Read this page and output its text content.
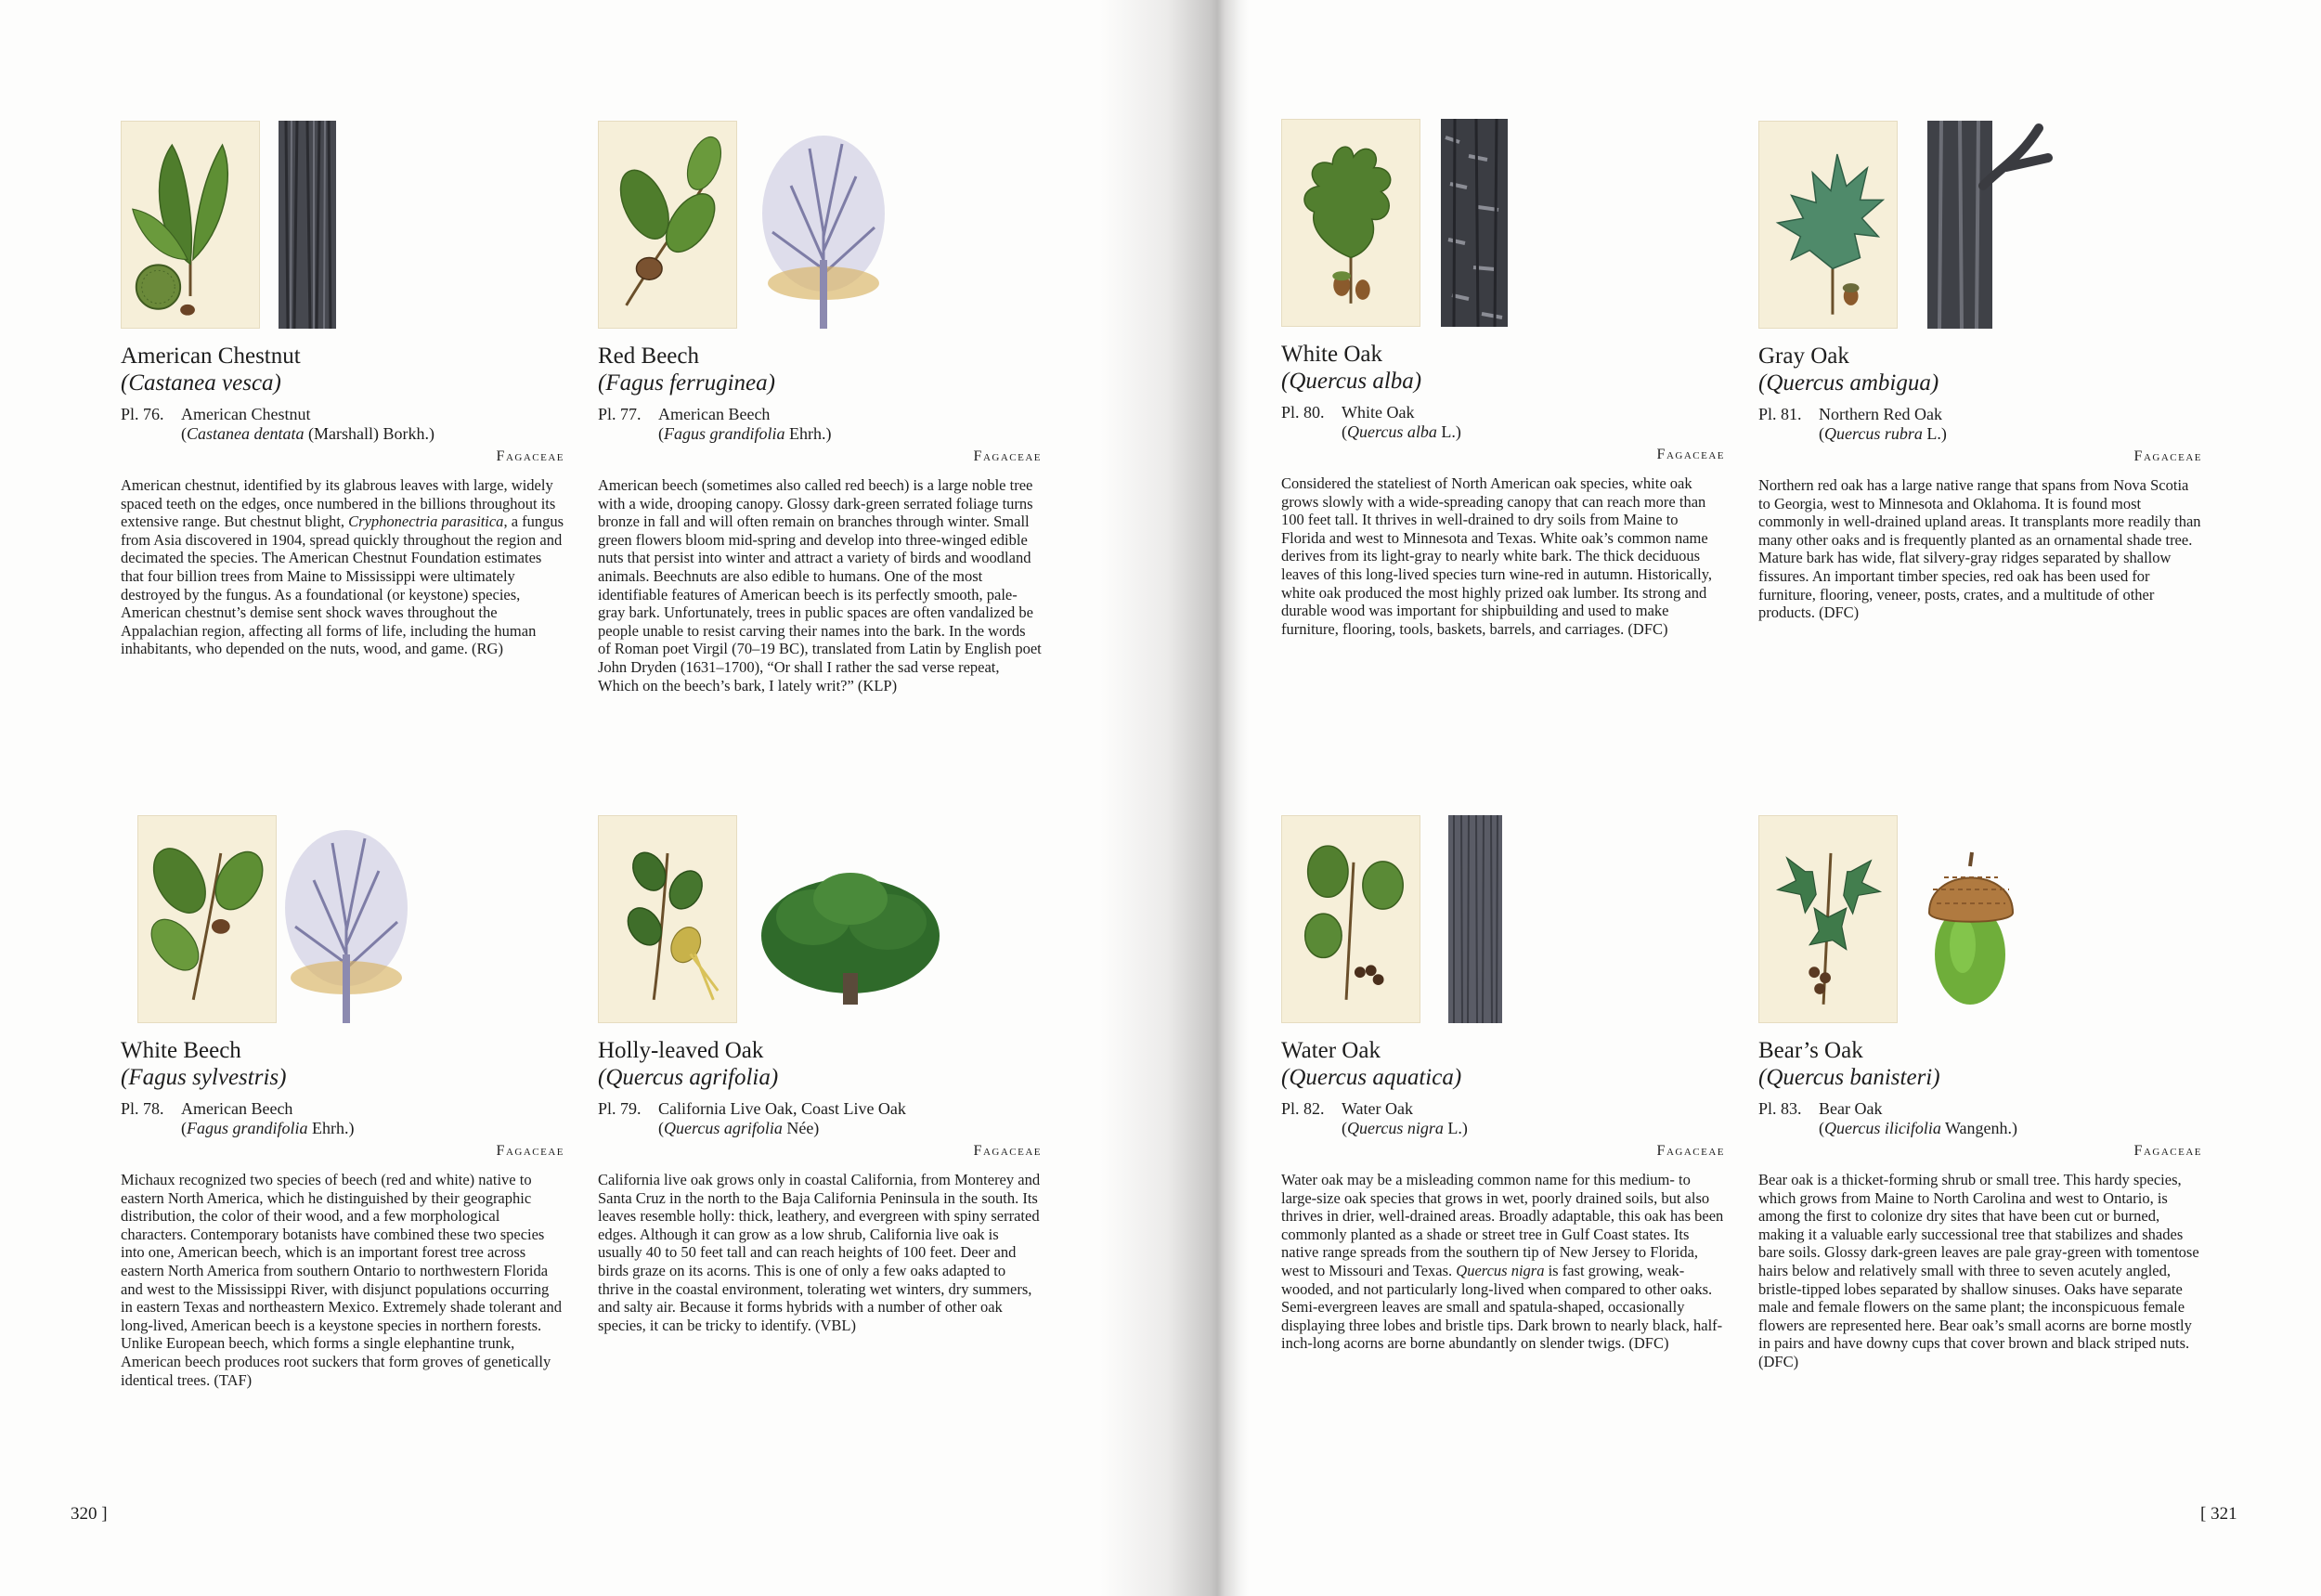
American Chestnut
(Castanea vesca)
Pl. 76. American Chestnut
(Castanea dentata (Marshall) Borkh.)
Fagaceae
American chestnut, identified by its glabrous leaves with large, widely spaced teeth on the edges, once numbered in the billions throughout its extensive range. But chestnut blight, Cryphonectria parasitica, a fungus from Asia discovered in 1904, spread quickly throughout the region and decimated the species. The American Chestnut Foundation estimates that four billion trees from Maine to Mississippi were ultimately destroyed by the fungus. As a foundational (or keystone) species, American chestnut’s demise sent shock waves throughout the Appalachian region, affecting all forms of life, including the human inhabitants, who depended on the nuts, wood, and game. (RG)
Red Beech
(Fagus ferruginea)
Pl. 77. American Beech
(Fagus grandifolia Ehrh.)
Fagaceae
American beech (sometimes also called red beech) is a large noble tree with a wide, drooping canopy. Glossy dark-green serrated foliage turns bronze in fall and will often remain on branches through winter. Small green flowers bloom mid-spring and develop into three-winged edible nuts that persist into winter and attract a variety of birds and woodland animals. Beechnuts are also edible to humans. One of the most identifiable features of American beech is its perfectly smooth, pale-gray bark. Unfortunately, trees in public spaces are often vandalized be people unable to resist carving their names into the bark. In the words of Roman poet Virgil (70–19 BC), translated from Latin by English poet John Dryden (1631–1700), “Or shall I rather the sad verse repeat, Which on the beech’s bark, I lately writ?” (KLP)
White Oak
(Quercus alba)
Pl. 80. White Oak
(Quercus alba L.)
Fagaceae
Considered the stateliest of North American oak species, white oak grows slowly with a wide-spreading canopy that can reach more than 100 feet tall. It thrives in well-drained to dry soils from Maine to Florida and west to Minnesota and Texas. White oak’s common name derives from its light-gray to nearly white bark. The thick deciduous leaves of this long-lived species turn wine-red in autumn. Historically, white oak produced the most highly prized oak lumber. Its strong and durable wood was important for shipbuilding and used to make furniture, flooring, tools, baskets, barrels, and carriages. (DFC)
Gray Oak
(Quercus ambigua)
Pl. 81. Northern Red Oak
(Quercus rubra L.)
Fagaceae
Northern red oak has a large native range that spans from Nova Scotia to Georgia, west to Minnesota and Oklahoma. It is found most commonly in well-drained upland areas. It transplants more readily than many other oaks and is frequently planted as an ornamental shade tree. Mature bark has wide, flat silvery-gray ridges separated by shallow fissures. An important timber species, red oak has been used for furniture, flooring, veneer, posts, crates, and a multitude of other products. (DFC)
White Beech
(Fagus sylvestris)
Pl. 78. American Beech
(Fagus grandifolia Ehrh.)
Fagaceae
Michaux recognized two species of beech (red and white) native to eastern North America, which he distinguished by their geographic distribution, the color of their wood, and a few morphological characters. Contemporary botanists have combined these two species into one, American beech, which is an important forest tree across eastern North America from southern Ontario to northwestern Florida and west to the Mississippi River, with disjunct populations occurring in eastern Texas and northeastern Mexico. Extremely shade tolerant and long-lived, American beech is a keystone species in northern forests. Unlike European beech, which forms a single elephantine trunk, American beech produces root suckers that form groves of genetically identical trees. (TAF)
Holly-leaved Oak
(Quercus agrifolia)
Pl. 79. California Live Oak, Coast Live Oak
(Quercus agrifolia Née)
Fagaceae
California live oak grows only in coastal California, from Monterey and Santa Cruz in the north to the Baja California Peninsula in the south. Its leaves resemble holly: thick, leathery, and evergreen with spiny serrated edges. Although it can grow as a low shrub, California live oak is usually 40 to 50 feet tall and can reach heights of 100 feet. Deer and birds graze on its acorns. This is one of only a few oaks adapted to thrive in the coastal environment, tolerating wet winters, dry summers, and salty air. Because it forms hybrids with a number of other oak species, it can be tricky to identify. (VBL)
Water Oak
(Quercus aquatica)
Pl. 82. Water Oak
(Quercus nigra L.)
Fagaceae
Water oak may be a misleading common name for this medium- to large-size oak species that grows in wet, poorly drained soils, but also thrives in drier, well-drained areas. Broadly adaptable, this oak has been commonly planted as a shade or street tree in Gulf Coast states. Its native range spreads from the southern tip of New Jersey to Florida, west to Missouri and Texas. Quercus nigra is fast growing, weak-wooded, and not particularly long-lived when compared to other oaks. Semi-evergreen leaves are small and spatula-shaped, occasionally displaying three lobes and bristle tips. Dark brown to nearly black, half-inch-long acorns are borne abundantly on slender twigs. (DFC)
Bear’s Oak
(Quercus banisteri)
Pl. 83. Bear Oak
(Quercus ilicifolia Wangenh.)
Fagaceae
Bear oak is a thicket-forming shrub or small tree. This hardy species, which grows from Maine to North Carolina and west to Ontario, is among the first to colonize dry sites that have been cut or burned, making it a valuable early successional tree that stabilizes and shades bare soils. Glossy dark-green leaves are pale gray-green with tomentose hairs below and relatively small with three to seven acutely angled, bristle-tipped lobes separated by shallow sinuses. Oaks have separate male and female flowers on the same plant; the inconspicuous female flowers are represented here. Bear oak’s small acorns are borne mostly in pairs and have downy cups that cover brown and black striped nuts. (DFC)
320 ]	[ 321
